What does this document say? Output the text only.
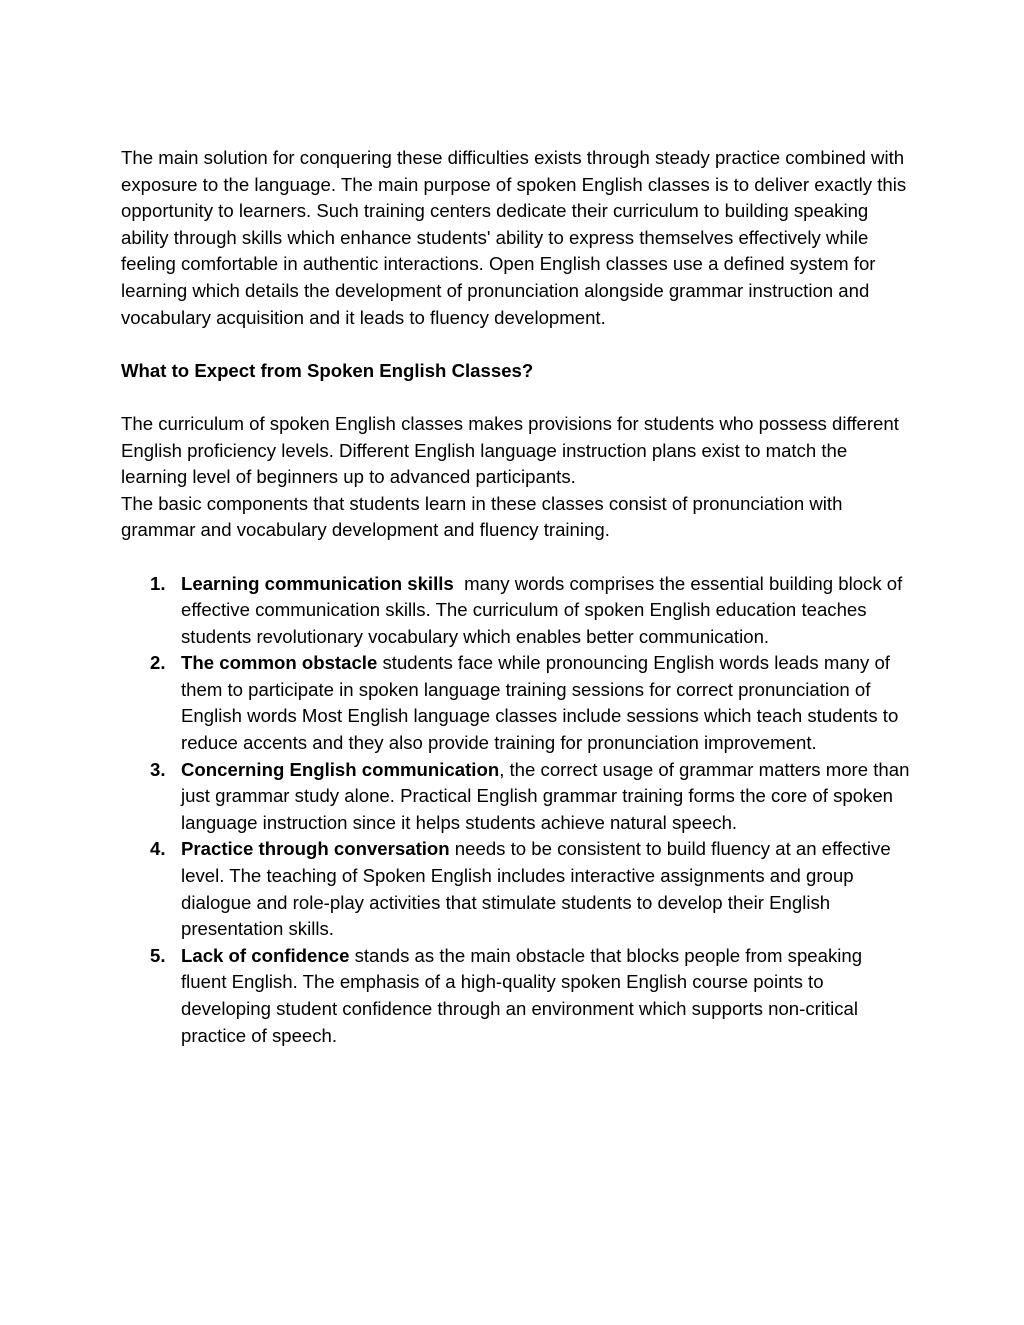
The main solution for conquering these difficulties exists through steady practice combined with exposure to the language. The main purpose of spoken English classes is to deliver exactly this opportunity to learners. Such training centers dedicate their curriculum to building speaking ability through skills which enhance students' ability to express themselves effectively while feeling comfortable in authentic interactions. Open English classes use a defined system for learning which details the development of pronunciation alongside grammar instruction and vocabulary acquisition and it leads to fluency development.

What to Expect from Spoken English Classes?

The curriculum of spoken English classes makes provisions for students who possess different English proficiency levels. Different English language instruction plans exist to match the learning level of beginners up to advanced participants.

The basic components that students learn in these classes consist of pronunciation with grammar and vocabulary development and fluency training.

1. Learning communication skills  many words comprises the essential building block of effective communication skills. The curriculum of spoken English education teaches students revolutionary vocabulary which enables better communication.
2. The common obstacle students face while pronouncing English words leads many of them to participate in spoken language training sessions for correct pronunciation of English words Most English language classes include sessions which teach students to reduce accents and they also provide training for pronunciation improvement.
3. Concerning English communication, the correct usage of grammar matters more than just grammar study alone. Practical English grammar training forms the core of spoken language instruction since it helps students achieve natural speech.
4. Practice through conversation needs to be consistent to build fluency at an effective level. The teaching of Spoken English includes interactive assignments and group dialogue and role-play activities that stimulate students to develop their English presentation skills.
5. Lack of confidence stands as the main obstacle that blocks people from speaking fluent English. The emphasis of a high-quality spoken English course points to developing student confidence through an environment which supports non-critical practice of speech.
